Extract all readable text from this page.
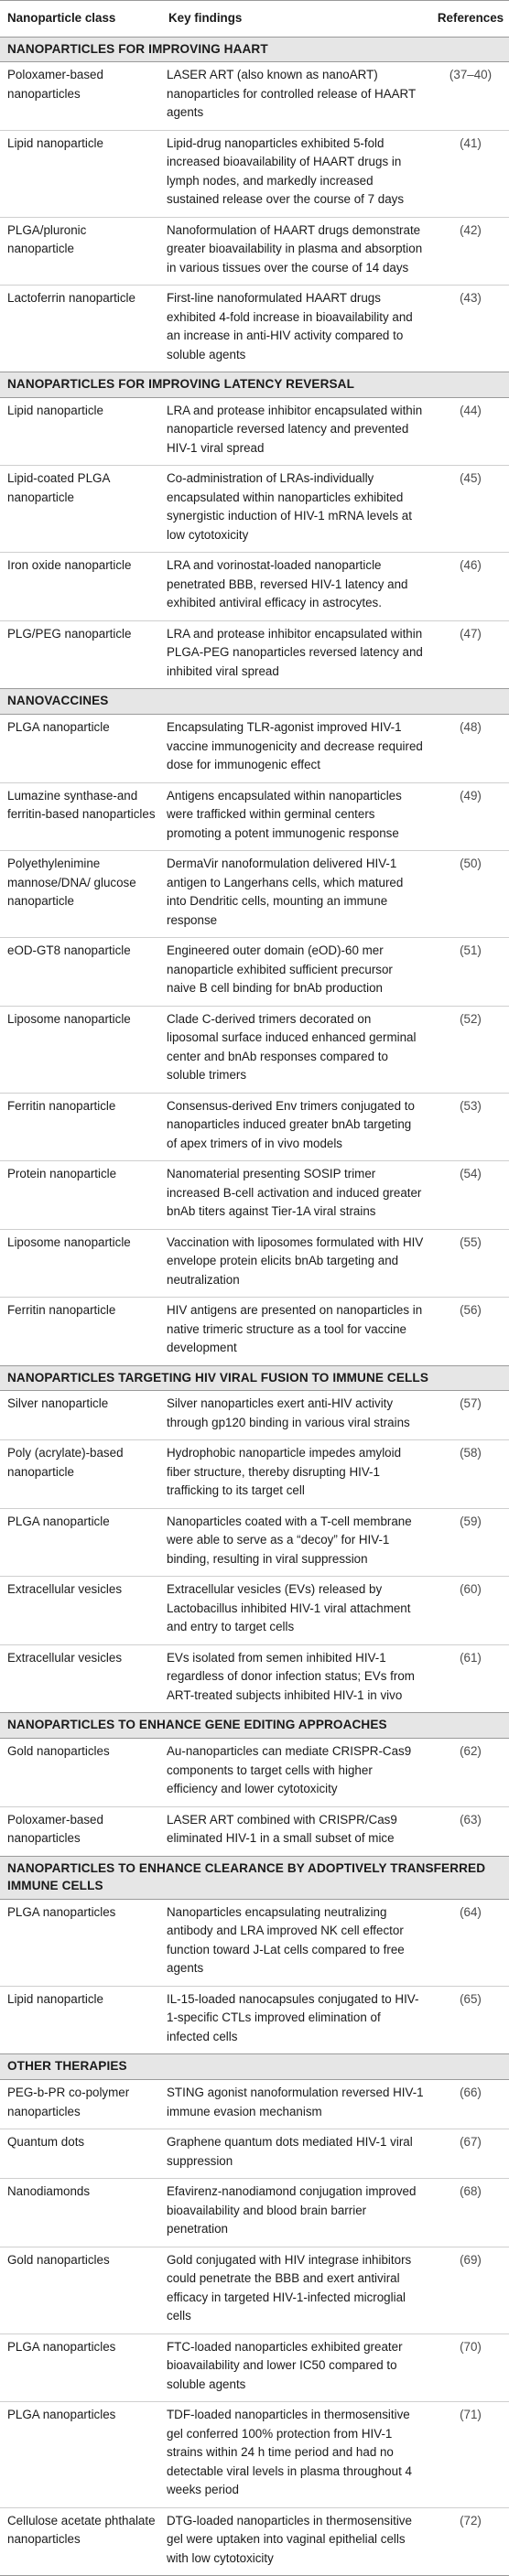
Nanoparticle class	Key findings	References
NANOPARTICLES FOR IMPROVING HAART		
Poloxamer-based nanoparticles	LASER ART (also known as nanoART) nanoparticles for controlled release of HAART agents	(37–40)
Lipid nanoparticle	Lipid-drug nanoparticles exhibited 5-fold increased bioavailability of HAART drugs in lymph nodes, and markedly increased sustained release over the course of 7 days	(41)
PLGA/pluronic nanoparticle	Nanoformulation of HAART drugs demonstrate greater bioavailability in plasma and absorption in various tissues over the course of 14 days	(42)
Lactoferrin nanoparticle	First-line nanoformulated HAART drugs exhibited 4-fold increase in bioavailability and an increase in anti-HIV activity compared to soluble agents	(43)
NANOPARTICLES FOR IMPROVING LATENCY REVERSAL		
Lipid nanoparticle	LRA and protease inhibitor encapsulated within nanoparticle reversed latency and prevented HIV-1 viral spread	(44)
Lipid-coated PLGA nanoparticle	Co-administration of LRAs-individually encapsulated within nanoparticles exhibited synergistic induction of HIV-1 mRNA levels at low cytotoxicity	(45)
Iron oxide nanoparticle	LRA and vorinostat-loaded nanoparticle penetrated BBB, reversed HIV-1 latency and exhibited antiviral efficacy in astrocytes.	(46)
PLG/PEG nanoparticle	LRA and protease inhibitor encapsulated within PLGA-PEG nanoparticles reversed latency and inhibited viral spread	(47)
NANOVACCINES		
PLGA nanoparticle	Encapsulating TLR-agonist improved HIV-1 vaccine immunogenicity and decrease required dose for immunogenic effect	(48)
Lumazine synthase-and ferritin-based nanoparticles	Antigens encapsulated within nanoparticles were trafficked within germinal centers promoting a potent immunogenic response	(49)
Polyethylenimine mannose/DNA/ glucose nanoparticle	DermaVir nanoformulation delivered HIV-1 antigen to Langerhans cells, which matured into Dendritic cells, mounting an immune response	(50)
eOD-GT8 nanoparticle	Engineered outer domain (eOD)-60 mer nanoparticle exhibited sufficient precursor naive B cell binding for bnAb production	(51)
Liposome nanoparticle	Clade C-derived trimers decorated on liposomal surface induced enhanced germinal center and bnAb responses compared to soluble trimers	(52)
Ferritin nanoparticle	Consensus-derived Env trimers conjugated to nanoparticles induced greater bnAb targeting of apex trimers of in vivo models	(53)
Protein nanoparticle	Nanomaterial presenting SOSIP trimer increased B-cell activation and induced greater bnAb titers against Tier-1A viral strains	(54)
Liposome nanoparticle	Vaccination with liposomes formulated with HIV envelope protein elicits bnAb targeting and neutralization	(55)
Ferritin nanoparticle	HIV antigens are presented on nanoparticles in native trimeric structure as a tool for vaccine development	(56)
NANOPARTICLES TARGETING HIV VIRAL FUSION TO IMMUNE CELLS		
Silver nanoparticle	Silver nanoparticles exert anti-HIV activity through gp120 binding in various viral strains	(57)
Poly (acrylate)-based nanoparticle	Hydrophobic nanoparticle impedes amyloid fiber structure, thereby disrupting HIV-1 trafficking to its target cell	(58)
PLGA nanoparticle	Nanoparticles coated with a T-cell membrane were able to serve as a “decoy” for HIV-1 binding, resulting in viral suppression	(59)
Extracellular vesicles	Extracellular vesicles (EVs) released by Lactobacillus inhibited HIV-1 viral attachment and entry to target cells	(60)
Extracellular vesicles	EVs isolated from semen inhibited HIV-1 regardless of donor infection status; EVs from ART-treated subjects inhibited HIV-1 in vivo	(61)
NANOPARTICLES TO ENHANCE GENE EDITING APPROACHES		
Gold nanoparticles	Au-nanoparticles can mediate CRISPR-Cas9 components to target cells with higher efficiency and lower cytotoxicity	(62)
Poloxamer-based nanoparticles	LASER ART combined with CRISPR/Cas9 eliminated HIV-1 in a small subset of mice	(63)
NANOPARTICLES TO ENHANCE CLEARANCE BY ADOPTIVELY TRANSFERRED IMMUNE CELLS		
PLGA nanoparticles	Nanoparticles encapsulating neutralizing antibody and LRA improved NK cell effector function toward J-Lat cells compared to free agents	(64)
Lipid nanoparticle	IL-15-loaded nanocapsules conjugated to HIV-1-specific CTLs improved elimination of infected cells	(65)
OTHER THERAPIES		
PEG-b-PR co-polymer nanoparticles	STING agonist nanoformulation reversed HIV-1 immune evasion mechanism	(66)
Quantum dots	Graphene quantum dots mediated HIV-1 viral suppression	(67)
Nanodiamonds	Efavirenz-nanodiamond conjugation improved bioavailability and blood brain barrier penetration	(68)
Gold nanoparticles	Gold conjugated with HIV integrase inhibitors could penetrate the BBB and exert antiviral efficacy in targeted HIV-1-infected microglial cells	(69)
PLGA nanoparticles	FTC-loaded nanoparticles exhibited greater bioavailability and lower IC50 compared to soluble agents	(70)
PLGA nanoparticles	TDF-loaded nanoparticles in thermosensitive gel conferred 100% protection from HIV-1 strains within 24 h time period and had no detectable viral levels in plasma throughout 4 weeks period	(71)
Cellulose acetate phthalate nanoparticles	DTG-loaded nanoparticles in thermosensitive gel were uptaken into vaginal epithelial cells with low cytotoxicity	(72)
